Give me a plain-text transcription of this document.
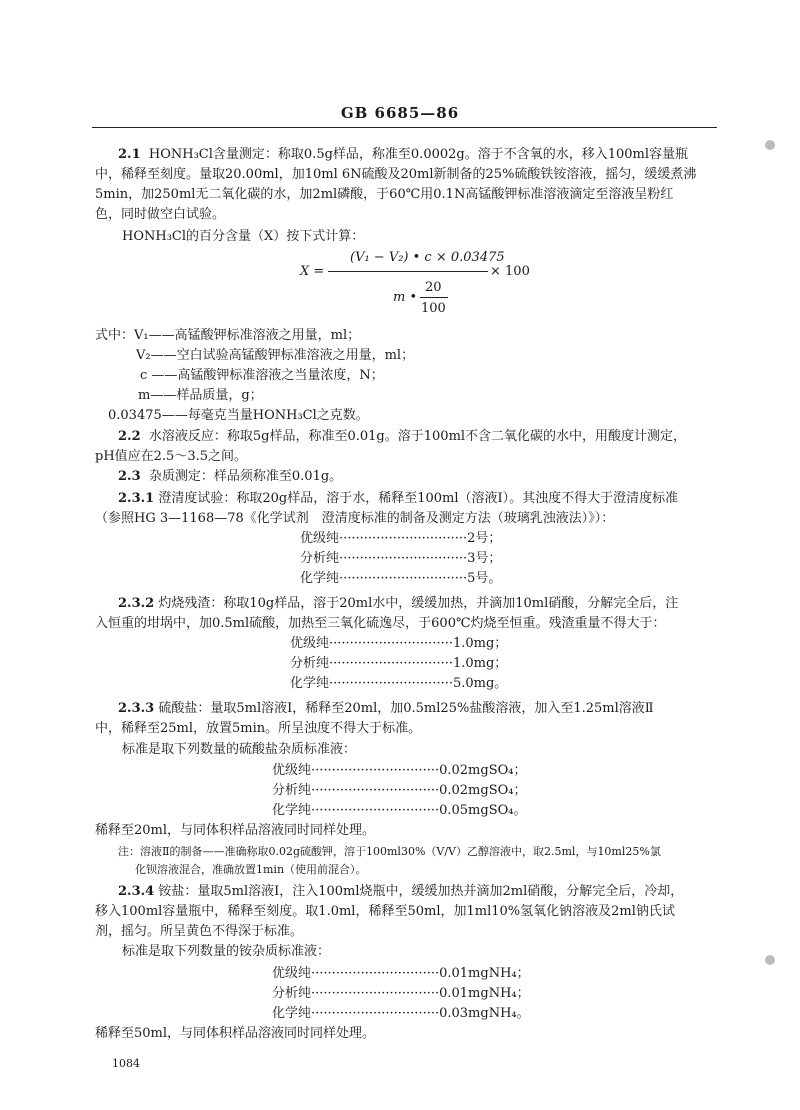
GB 6685—86
2.1 HONH₃Cl含量测定：称取0.5g样品，称准至0.0002g。溶于不含氧的水，移入100ml容量瓶
中，稀释至刻度。量取20.00ml，加10ml 6N硫酸及20ml新制备的25%硫酸铁铵溶液，摇匀，缓缓煮沸
5min，加250ml无二氧化碳的水，加2ml磷酸，于60℃用0.1N高锰酸钾标准溶液滴定至溶液呈粉红
色，同时做空白试验。
HONH₃Cl的百分含量（X）按下式计算：
X =
(V₁ − V₂) • c × 0.03475
× 100
m •
20
100
式中：V₁——高锰酸钾标准溶液之用量，ml；
V₂——空白试验高锰酸钾标准溶液之用量，ml；
c ——高锰酸钾标准溶液之当量浓度，N；
m——样品质量，g；
0.03475——每毫克当量HONH₃Cl之克数。
2.2 水溶液反应：称取5g样品，称准至0.01g。溶于100ml不含二氧化碳的水中，用酸度计测定，
pH值应在2.5～3.5之间。
2.3 杂质测定：样品须称准至0.01g。
2.3.1 澄清度试验：称取20g样品，溶于水，稀释至100ml（溶液Ⅰ）。其浊度不得大于澄清度标准
（参照HG 3—1168—78《化学试剂　澄清度标准的制备及测定方法（玻璃乳浊液法）》）：
优级纯·······························2号；
分析纯·······························3号；
化学纯·······························5号。
2.3.2 灼烧残渣：称取10g样品，溶于20ml水中，缓缓加热，并滴加10ml硝酸，分解完全后，注
入恒重的坩埚中，加0.5ml硫酸，加热至三氧化硫逸尽，于600℃灼烧至恒重。残渣重量不得大于：
优级纯······························1.0mg；
分析纯······························1.0mg；
化学纯······························5.0mg。
2.3.3 硫酸盐：量取5ml溶液Ⅰ，稀释至20ml，加0.5ml25%盐酸溶液，加入至1.25ml溶液Ⅱ
中，稀释至25ml，放置5min。所呈浊度不得大于标准。
标准是取下列数量的硫酸盐杂质标准液：
优级纯·······························0.02mgSO₄；
分析纯·······························0.02mgSO₄；
化学纯·······························0.05mgSO₄。
稀释至20ml，与同体积样品溶液同时同样处理。
注：溶液Ⅱ的制备——准确称取0.02g硫酸钾，溶于100ml30%（V/V）乙醇溶液中，取2.5ml，与10ml25%氯
化钡溶液混合，准确放置1min（使用前混合）。
2.3.4 铵盐：量取5ml溶液Ⅰ，注入100ml烧瓶中，缓缓加热并滴加2ml硝酸，分解完全后，冷却，
移入100ml容量瓶中，稀释至刻度。取1.0ml，稀释至50ml，加1ml10%氢氧化钠溶液及2ml钠氏试
剂，摇匀。所呈黄色不得深于标准。
标准是取下列数量的铵杂质标准液：
优级纯·······························0.01mgNH₄；
分析纯·······························0.01mgNH₄；
化学纯·······························0.03mgNH₄。
稀释至50ml，与同体积样品溶液同时同样处理。
1084
